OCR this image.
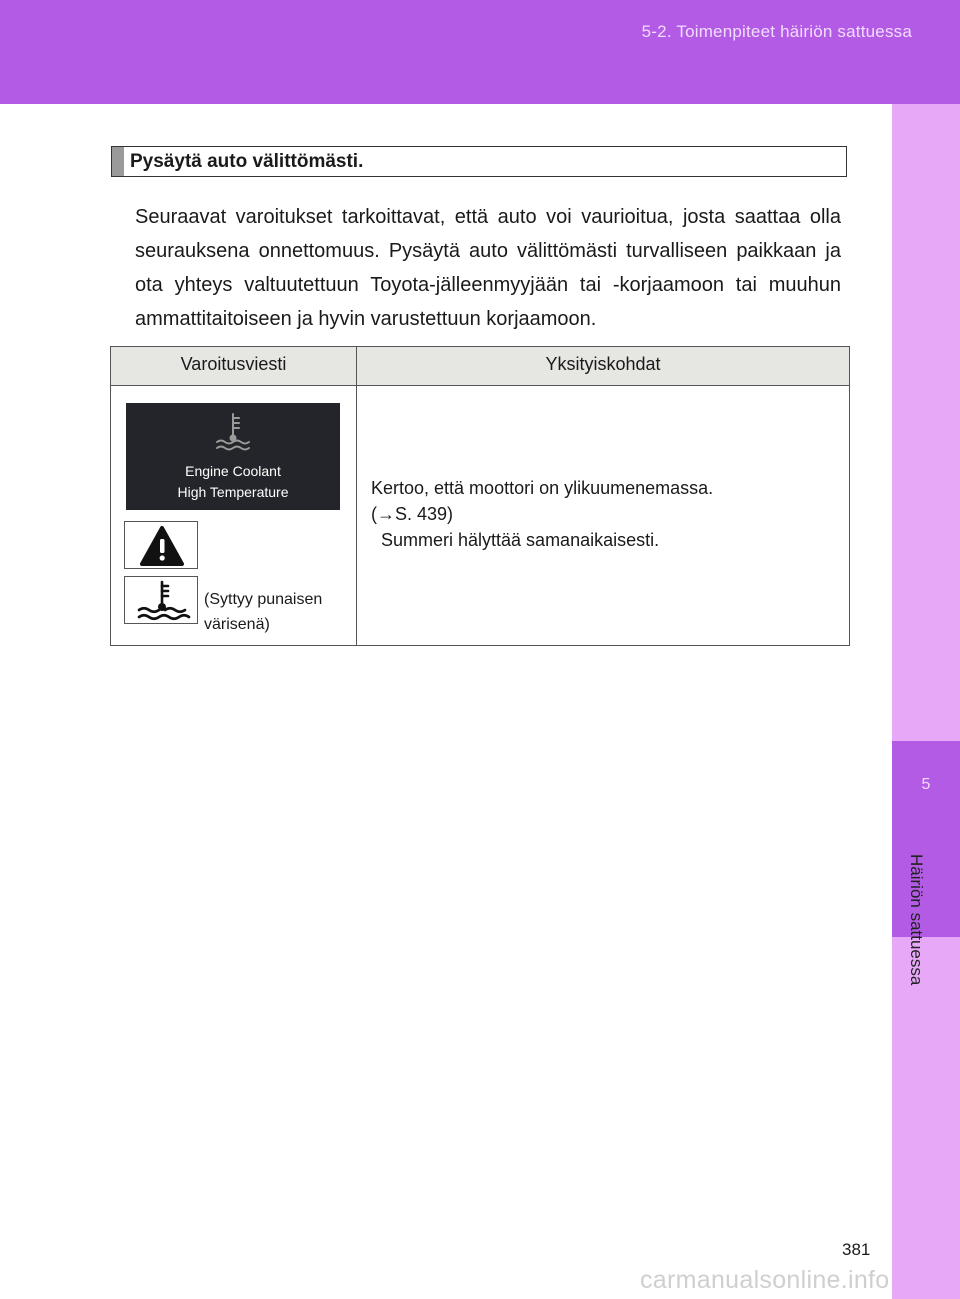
5-2. Toimenpiteet häiriön sattuessa
5
Häiriön sattuessa
Pysäytä auto välittömästi.

Seuraavat varoitukset tarkoittavat, että auto voi vaurioitua, josta saattaa olla seurauksena onnettomuus. Pysäytä auto välittömästi turvalliseen paikkaan ja ota yhteys valtuutettuun Toyota-jälleenmyyjään tai -korjaamoon tai muuhun ammattitaitoiseen ja hyvin varustettuun korjaamoon.

Varoitusviesti	Yksityiskohdat
Engine Coolant
High Temperature
(Syttyy punaisen
värisenä)
Kertoo, että moottori on ylikuumenemassa.
(→S. 439)
Summeri hälyttää samanaikaisesti.
381
carmanualsonline.info
